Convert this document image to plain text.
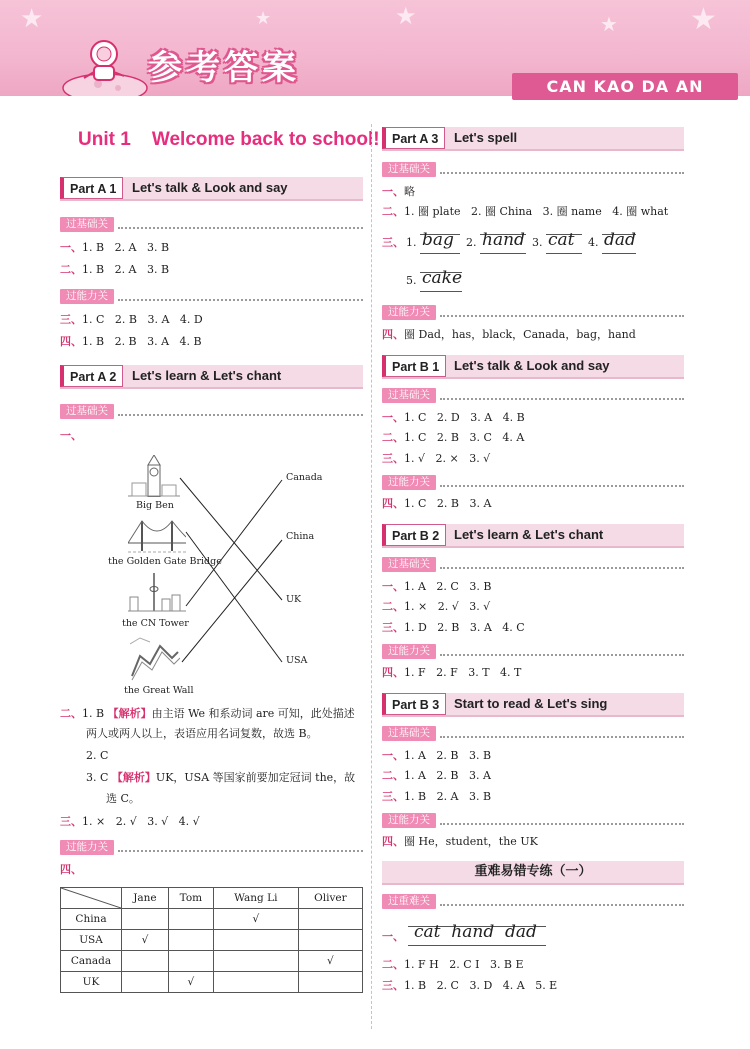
★	★	★	★ ★
参考答案	CAN KAO DA AN
Unit 1    Welcome back to school!
Part A 1	Let's talk & Look and say
过基础关
一、1. B   2. A   3. B
二、1. B   2. A   3. B
过能力关
三、1. C   2. B   3. A   4. D
四、1. B   2. B   3. A   4. B
Part A 2	Let's learn & Let's chant
过基础关
一、
Big Ben
the Golden Gate Bridge
the CN Tower
the Great Wall
Canada
China
UK
USA
二、1. B 【解析】由主语 We 和系动词 are 可知，此处描述
两人或两人以上，表语应用名词复数，故选 B。
2. C
3. C 【解析】UK，USA 等国家前要加定冠词 the，故
选 C。
三、1. ×   2. √   3. √   4. √
过能力关
四、
	Jane	Tom	Wang Li	Oliver
China			√	
USA	√			
Canada				√
UK		√		
Part A 3	Let's spell
过基础关
一、略
二、1. 圈 plate   2. 圈 China   3. 圈 name   4. 圈 what
三、 1. bag 2. hand 3. cat 4. dad
5. cake
过能力关
四、圈 Dad，has，black，Canada，bag，hand
Part B 1	Let's talk & Look and say
过基础关
一、1. C   2. D   3. A   4. B
二、1. C   2. B   3. C   4. A
三、1. √   2. ×   3. √
过能力关
四、1. C   2. B   3. A
Part B 2	Let's learn & Let's chant
过基础关
一、1. A   2. C   3. B
二、1. ×   2. √   3. √
三、1. D   2. B   3. A   4. C
过能力关
四、1. F   2. F   3. T   4. T
Part B 3	Start to read & Let's sing
过基础关
一、1. A   2. B   3. B
二、1. A   2. B   3. A
三、1. B   2. A   3. B
过能力关
四、圈 He，student，the UK
重难易错专练（一）
过重难关
一、 cat  hand  dad
二、1. F H   2. C I   3. B E
三、1. B   2. C   3. D   4. A   5. E
